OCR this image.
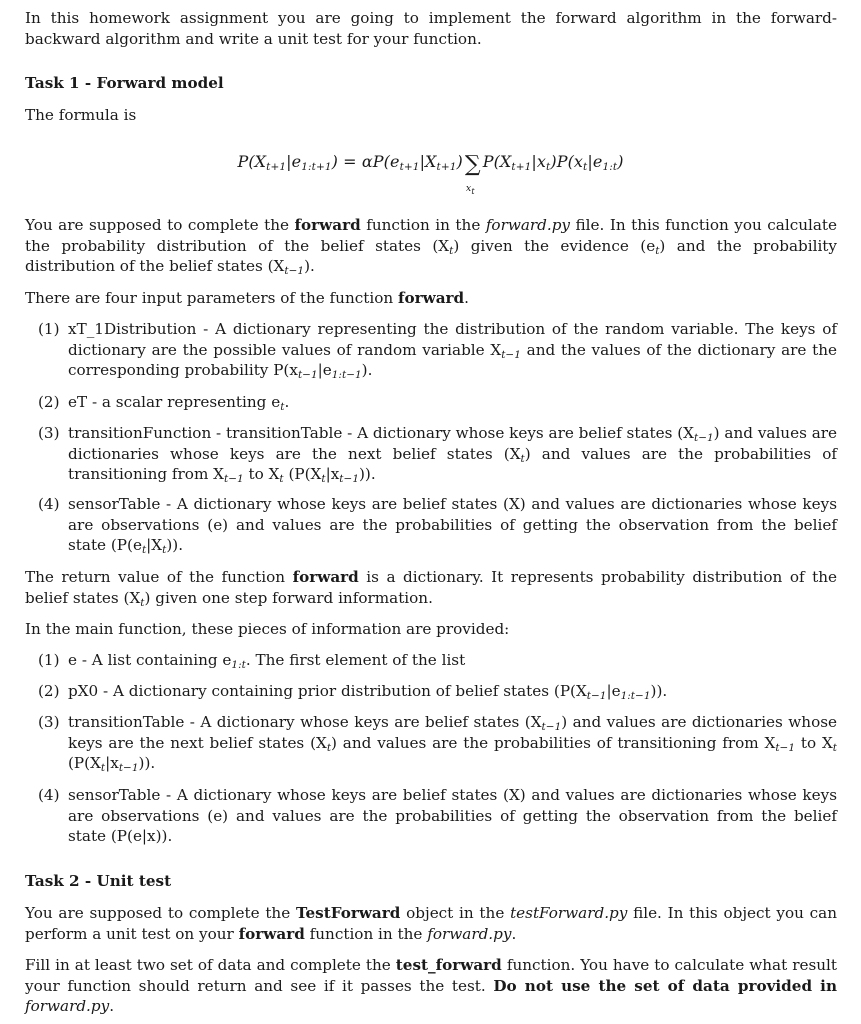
In this homework assignment you are going to implement the forward algorithm in the forward-backward algorithm and write a unit test for your function.
Task 1 - Forward model
The formula is
$P(X_{t+1}|e_{1:t+1}) = \alpha P(e_{t+1}|X_{t+1})\sum$
$x_t$
$P(X_{t+1}|x_t)P(x_t|e_{1:t})$
You are supposed to complete the forward function in the forward.py file. In this function you calculate the probability distribution of the belief states $(X_t)$ given the evidence $(e_t)$ and the probability distribution of the belief states $(X_{t-1})$.
There are four input parameters of the function forward.
(1) xT_1Distribution - A dictionary representing the distribution of the random variable. The keys of dictionary are the possible values of random variable $X_{t-1}$ and the values of the dictionary are the corresponding probability $P(x_{t-1}|e_{1:t-1})$.
(2) eT - a scalar representing $e_t$.
(3) transitionFunction - transitionTable - A dictionary whose keys are belief states $(X_{t-1})$ and values are dictionaries whose keys are the next belief states $(X_t)$ and values are the probabilities of transitioning from $X_{t-1}$ to $X_t$ $(P(X_t|x_{t-1}))$.
(4) sensorTable - A dictionary whose keys are belief states (X) and values are dictionaries whose keys are observations (e) and values are the probabilities of getting the observation from the belief state $(P(e_t|X_t))$.
The return value of the function forward is a dictionary. It represents probability distribution of the belief states $(X_t)$ given one step forward information.
In the main function, these pieces of information are provided:
(1) e - A list containing $e_{1:t}$. The first element of the list
(2) pX0 - A dictionary containing prior distribution of belief states $(P(X_{t-1}|e_{1:t-1}))$.
(3) transitionTable - A dictionary whose keys are belief states $(X_{t-1})$ and values are dictionaries whose keys are the next belief states $(X_t)$ and values are the probabilities of transitioning from $X_{t-1}$ to $X_t$ $(P(X_t|x_{t-1}))$.
(4) sensorTable - A dictionary whose keys are belief states (X) and values are dictionaries whose keys are observations (e) and values are the probabilities of getting the observation from the belief state (P(e|x)).
Task 2 - Unit test
You are supposed to complete the TestForward object in the testForward.py file. In this object you can perform a unit test on your forward function in the forward.py.
Fill in at least two set of data and complete the test_forward function. You have to calculate what result your function should return and see if it passes the test. Do not use the set of data provided in forward.py.
